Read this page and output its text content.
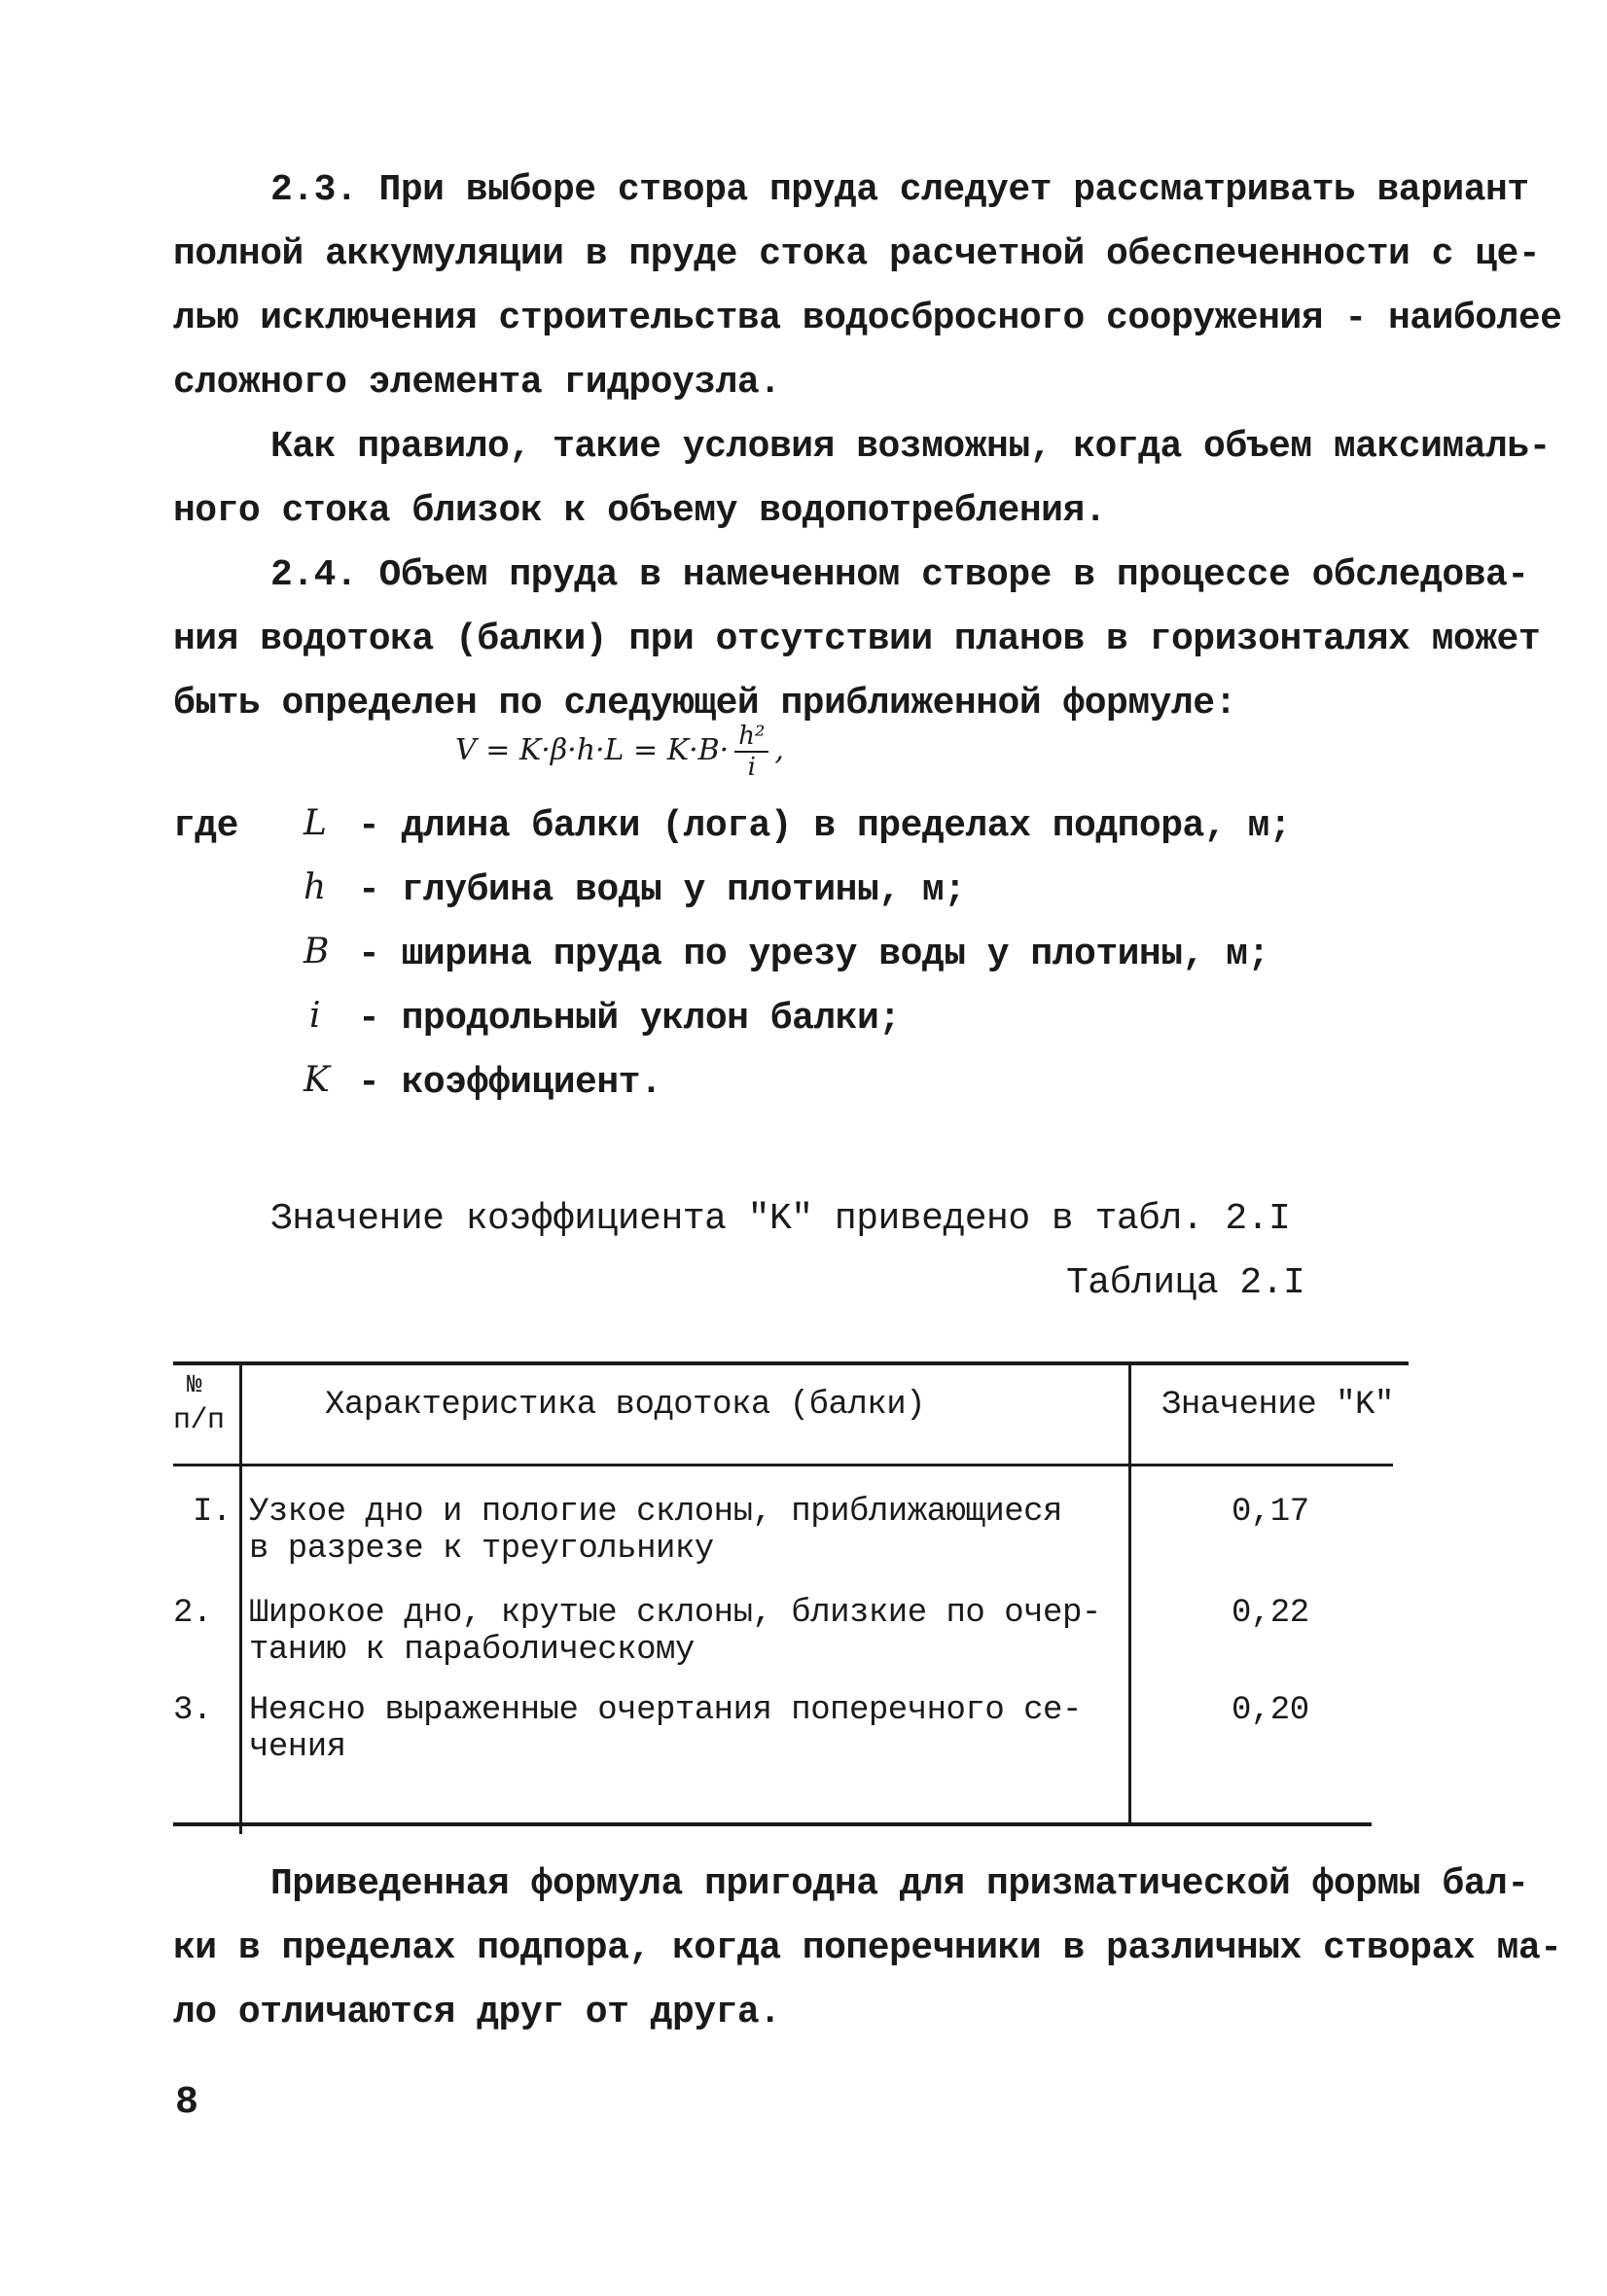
2.3. При выборе створа пруда следует рассматривать вариант
полной аккумуляции в пруде стока расчетной обеспеченности с це-
лью исключения строительства водосбросного сооружения - наиболее
сложного элемента гидроузла.
Как правило, такие условия возможны, когда объем максималь-
ного стока близок к объему водопотребления.
2.4. Объем пруда в намеченном створе в процессе обследова-
ния водотока (балки) при отсутствии планов в горизонталях может
быть определен по следующей приближенной формуле:
$V = K\cdot\beta\cdot h\cdot L = K\cdot B\cdot \frac{\text{h²}}{i}$ ,
где L - длина балки (лога) в пределах подпора, м;
h - глубина воды у плотины, м;
B - ширина пруда по урезу воды у плотины, м;
i - продольный уклон балки;
K - коэффициент.
Значение коэффициента "K" приведено в табл. 2.I
Таблица 2.I
№
п/п	Характеристика водотока (балки)	Значение "K"
I. Узкое дно и пологие склоны, приближающиеся
в разрезе к треугольнику
0,17
2. Широкое дно, крутые склоны, близкие по очер-
танию к параболическому
0,22
3. Неясно выраженные очертания поперечного се-
чения
0,20
Приведенная формула пригодна для призматической формы бал-
ки в пределах подпора, когда поперечники в различных створах ма-
ло отличаются друг от друга.
8
